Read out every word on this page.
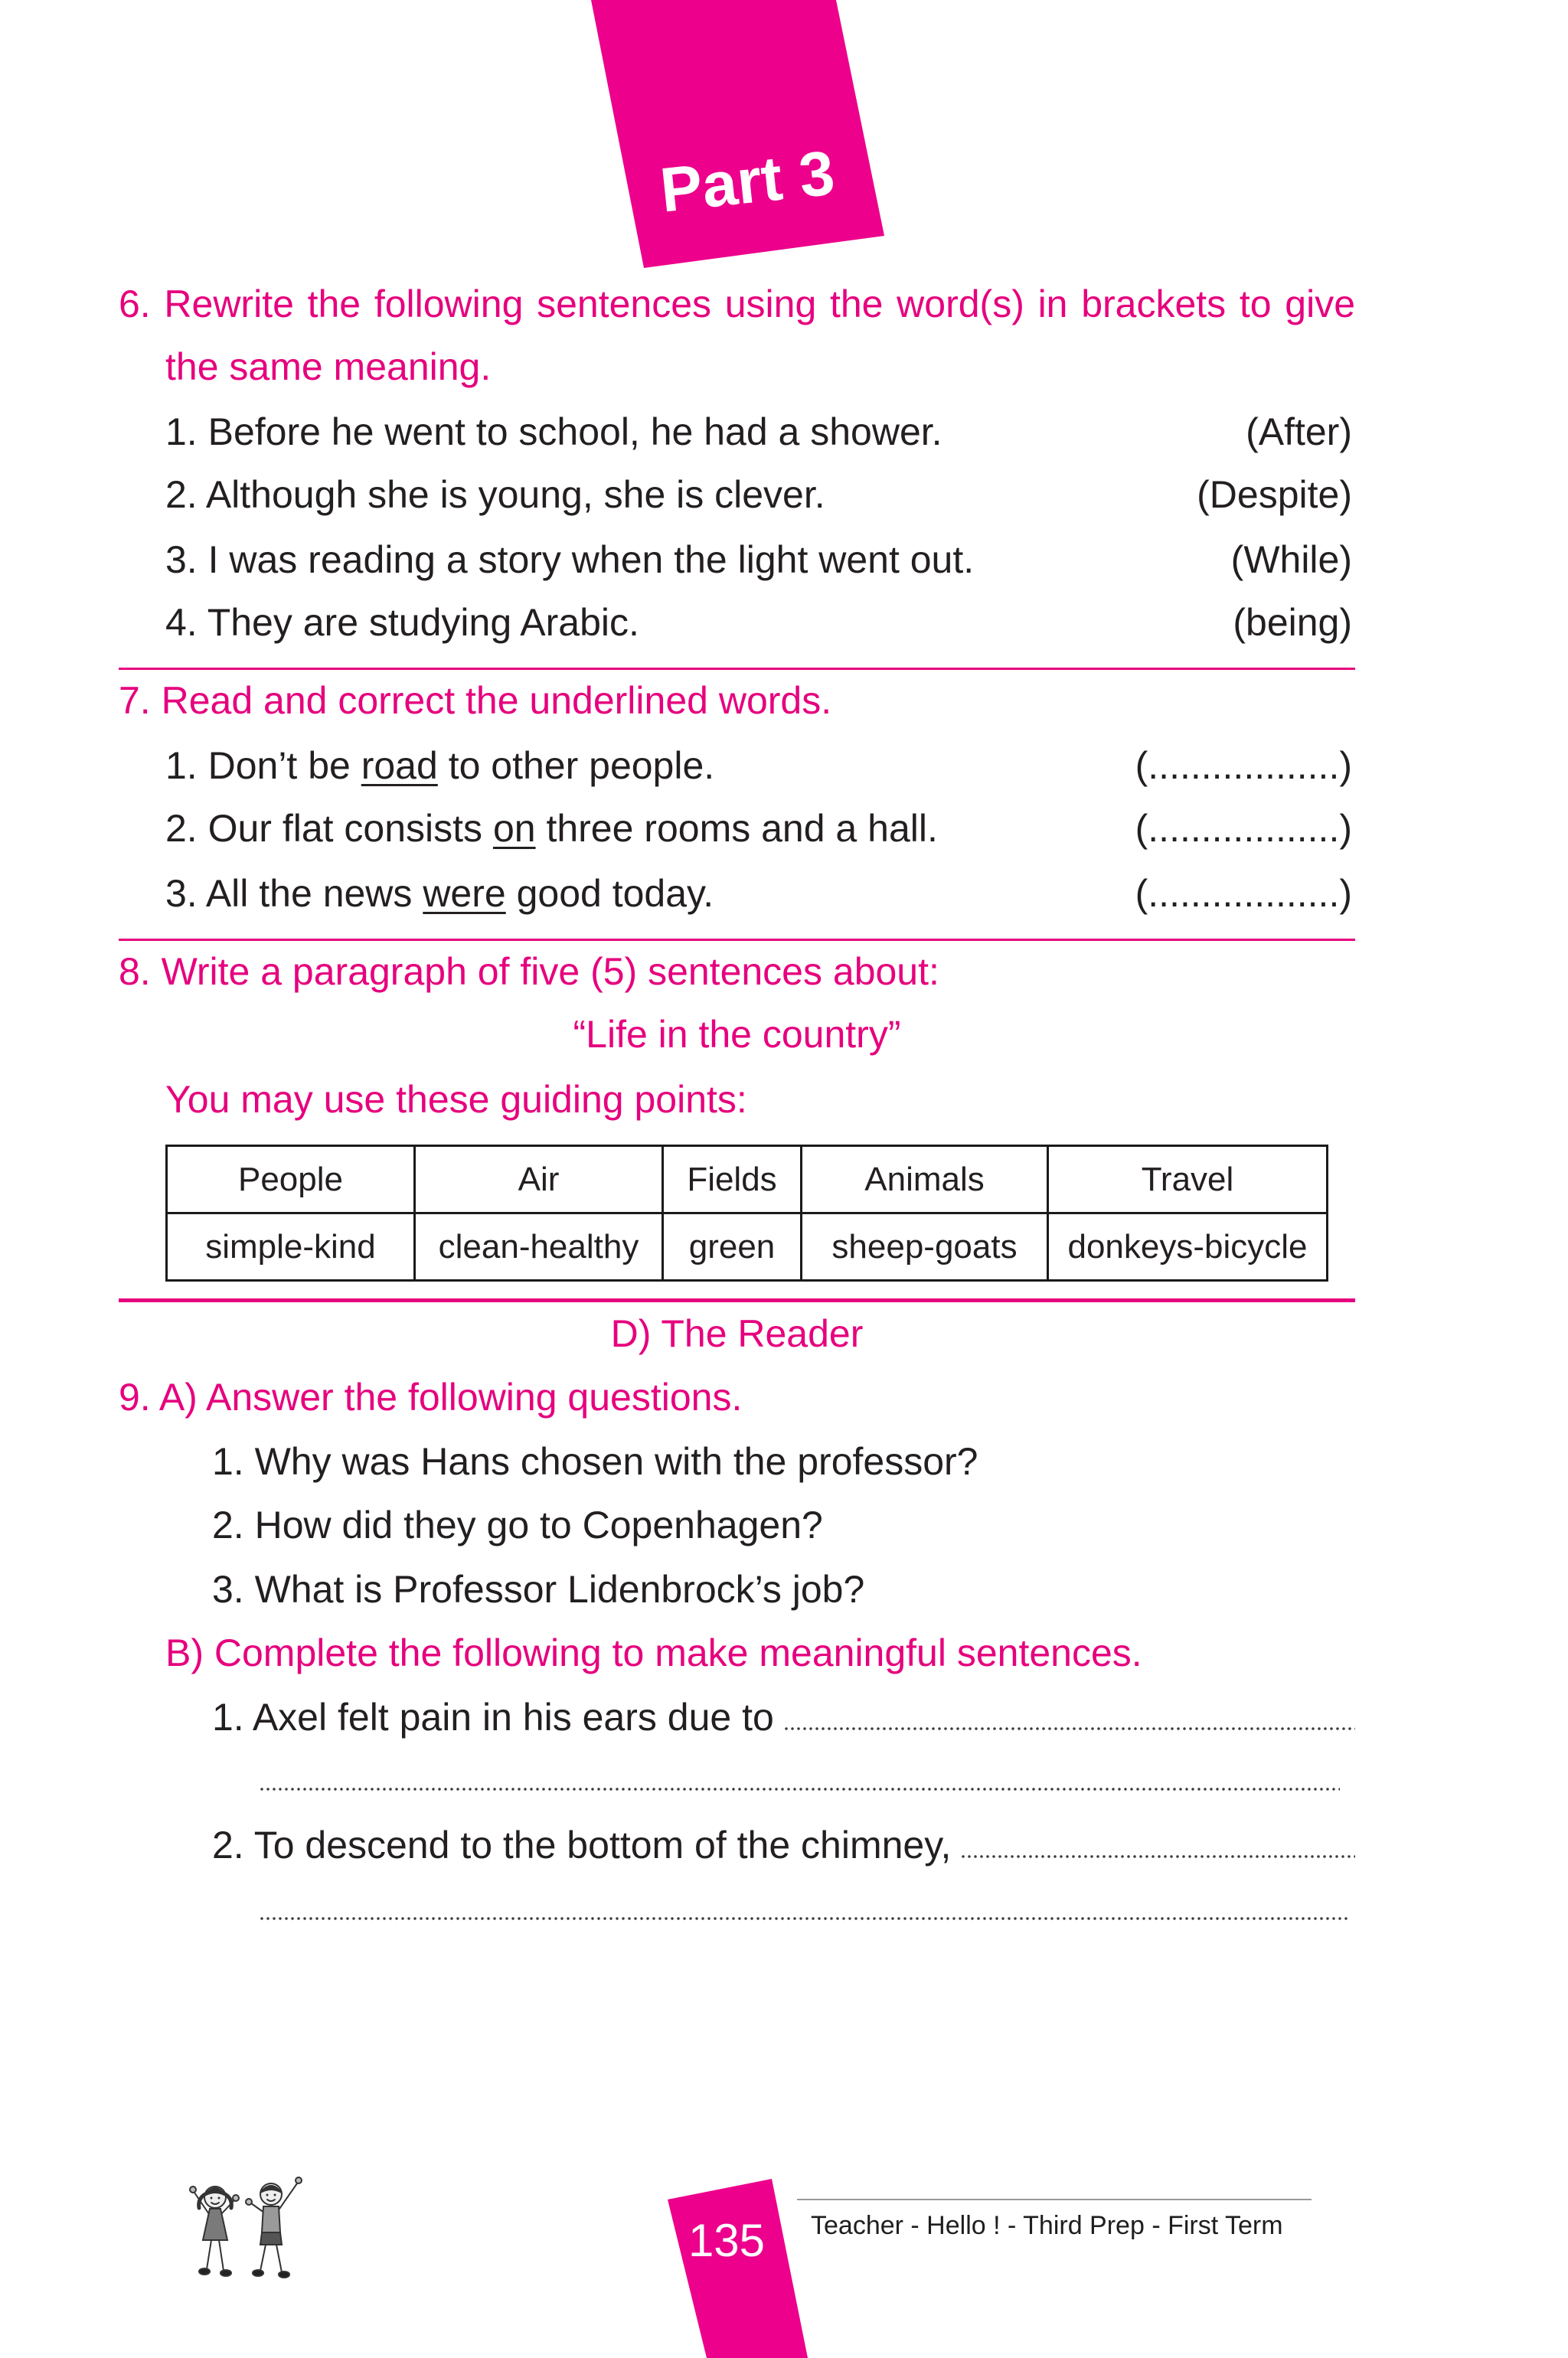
Part 3
6. Rewrite the following sentences using the word(s) in brackets to give
the same meaning.
1. Before he went to school, he had a shower.	(After)
2. Although she is young, she is clever.	(Despite)
3. I was reading a story when the light went out.	(While)
4. They are studying Arabic.	(being)
7. Read and correct the underlined words.
1. Don’t be road to other people.	(..................)
2. Our flat consists on three rooms and a hall.	(..................)
3. All the news were good today.	(..................)
8. Write a paragraph of five (5) sentences about:
“Life in the country”
You may use these guiding points:
People	Air	Fields	Animals	Travel
simple-kind	clean-healthy	green	sheep-goats	donkeys-bicycle
D) The Reader
9. A) Answer the following questions.
1. Why was Hans chosen with the professor?
2. How did they go to Copenhagen?
3. What is Professor Lidenbrock’s job?
B) Complete the following to make meaningful sentences.
1. Axel felt pain in his ears due to
2. To descend to the bottom of the chimney,
135 Teacher - Hello ! - Third Prep - First Term
